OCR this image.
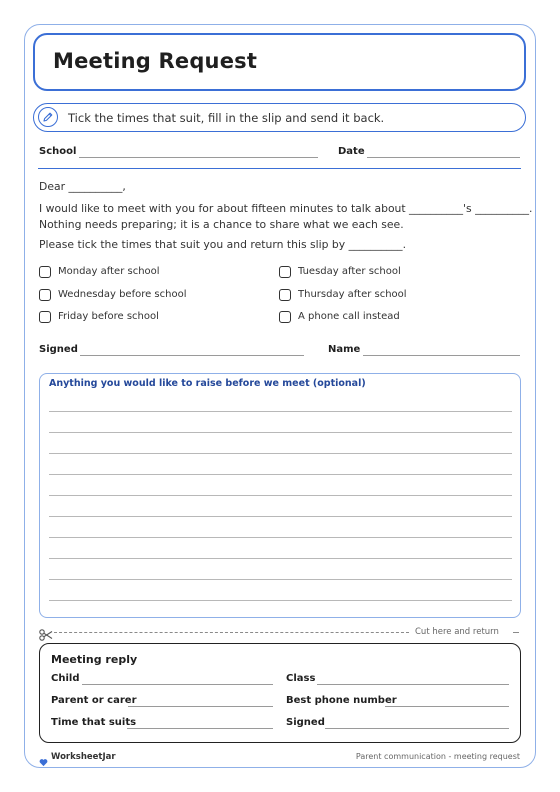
Meeting Request
Tick the times that suit, fill in the slip and send it back.
School	Date
Dear __________,
I would like to meet with you for about fifteen minutes to talk about __________'s __________.
Nothing needs preparing; it is a chance to share what we each see.
Please tick the times that suit you and return this slip by __________.
Monday after school	Tuesday after school
Wednesday before school	Thursday after school
Friday before school	A phone call instead
Signed	Name
Anything you would like to raise before we meet (optional)
Cut here and return
Meeting reply
Child	Class
Parent or carer	Best phone number
Time that suits	Signed
WorksheetJar	Parent communication - meeting request
